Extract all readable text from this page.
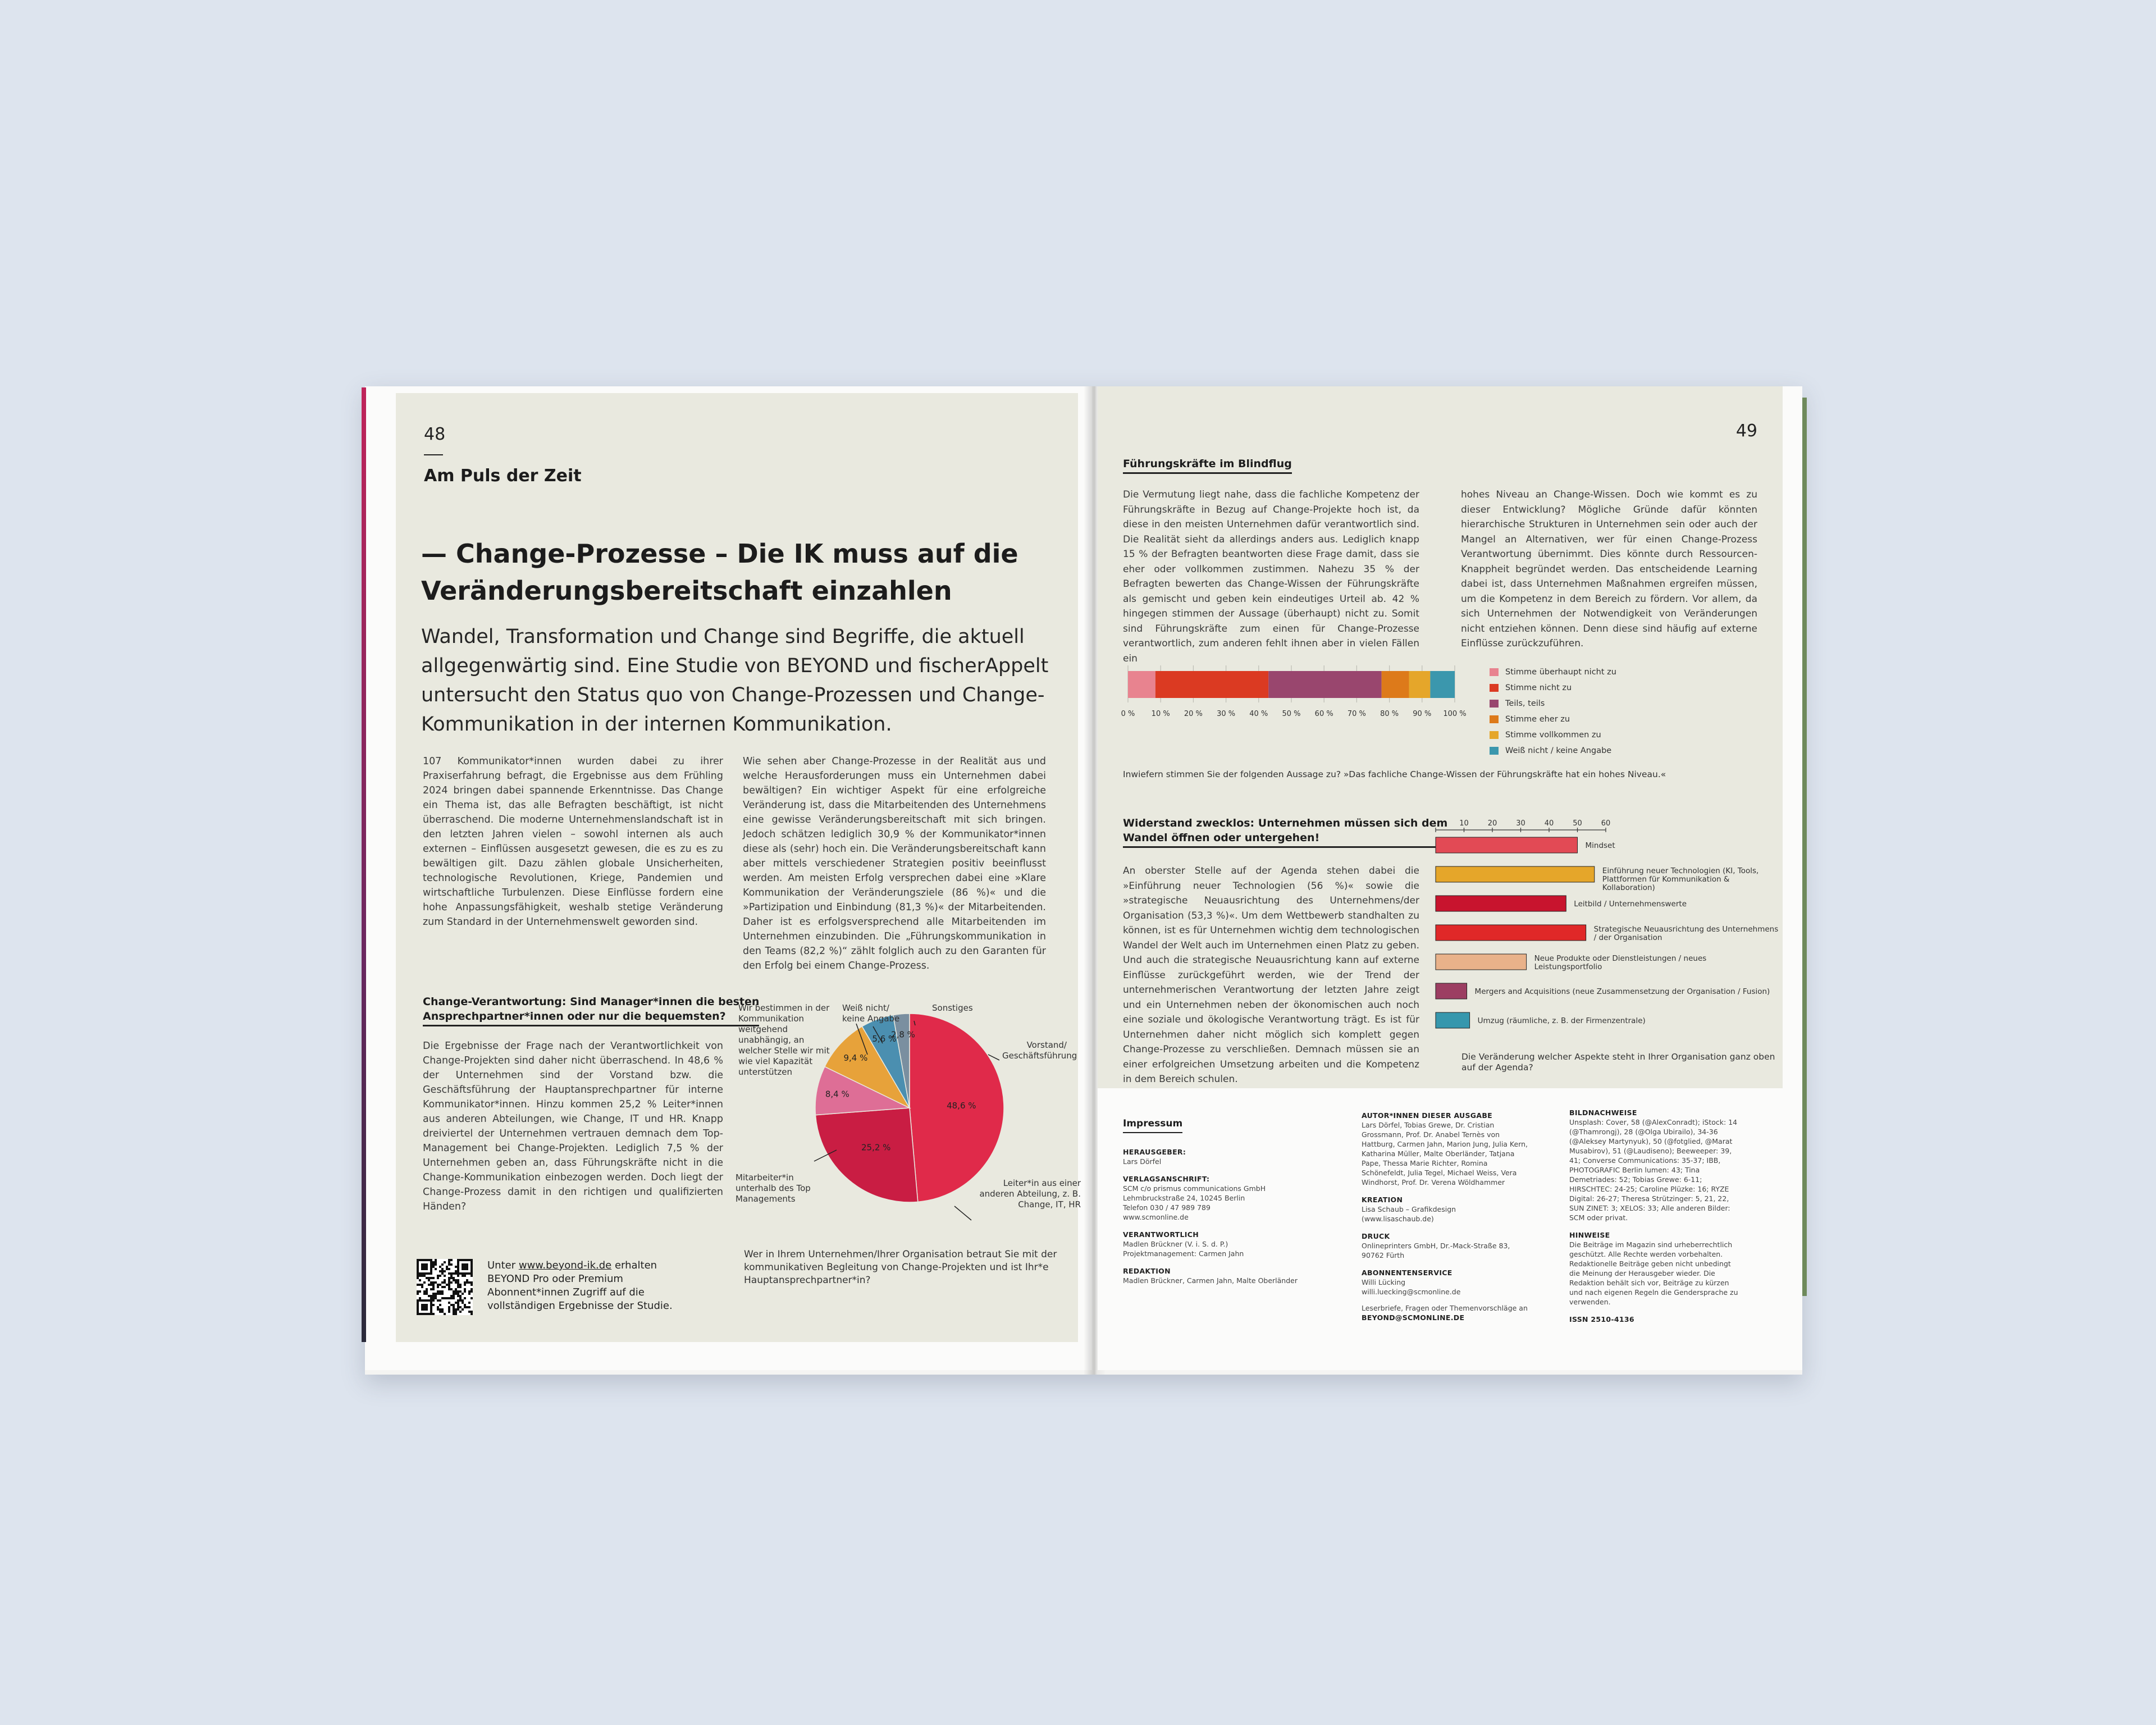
48
Am Puls der Zeit
— Change-Prozesse – Die IK muss auf die
Veränderungsbereitschaft einzahlen
Wandel, Transformation und Change sind Begriffe, die aktuell allgegenwärtig sind. Eine Studie von BEYOND und fischerAppelt untersucht den Status quo von Change-Prozessen und Change-Kommunikation in der internen Kommunikation.
107 Kommunikator*innen wurden dabei zu ihrer Praxiserfahrung befragt, die Ergebnisse aus dem Frühling 2024 bringen dabei spannende Erkenntnisse. Das Change ein Thema ist, das alle Befragten beschäftigt, ist nicht überraschend. Die moderne Unternehmenslandschaft ist in den letzten Jahren vielen – sowohl internen als auch externen – Einflüssen ausgesetzt gewesen, die es zu es zu bewältigen gilt. Dazu zählen globale Unsicherheiten, technologische Revolutionen, Kriege, Pandemien und wirtschaftliche Turbulenzen. Diese Einflüsse fordern eine hohe Anpassungsfähigkeit, weshalb stetige Veränderung zum Standard in der Unternehmenswelt geworden sind.
Wie sehen aber Change-Prozesse in der Realität aus und welche Herausforderungen muss ein Unternehmen dabei bewältigen? Ein wichtiger Aspekt für eine erfolgreiche Veränderung ist, dass die Mitarbeitenden des Unternehmens eine gewisse Veränderungsbereitschaft mit sich bringen. Jedoch schätzen lediglich 30,9 % der Kommunikator*innen diese als (sehr) hoch ein. Die Veränderungsbereitschaft kann aber mittels verschiedener Strategien positiv beeinflusst werden. Am meisten Erfolg versprechen dabei eine »Klare Kommunikation der Veränderungsziele (86 %)« und die »Partizipation und Einbindung (81,3 %)« der Mitarbeitenden. Daher ist es erfolgsversprechend alle Mitarbeitenden im Unternehmen einzubinden. Die „Führungskommunikation in den Teams (82,2 %)“ zählt folglich auch zu den Garanten für den Erfolg bei einem Change-Prozess.
Change-Verantwortung: Sind Manager*innen die besten
Ansprechpartner*innen oder nur die bequemsten?
Die Ergebnisse der Frage nach der Verantwortlichkeit von Change-Projekten sind daher nicht überraschend. In 48,6 % der Unternehmen sind der Vorstand bzw. die Geschäftsführung der Hauptansprechpartner für interne Kommunikator*innen. Hinzu kommen 25,2 % Leiter*innen aus anderen Abteilungen, wie Change, IT und HR. Knapp dreiviertel der Unternehmen vertrauen demnach dem Top-Management bei Change-Projekten. Lediglich 7,5 % der Unternehmen geben an, dass Führungskräfte nicht in die Change-Kommunikation einbezogen werden. Doch liegt der Change-Prozess damit in den richtigen und qualifizierten Händen?
48,6 %
25,2 %
8,4 %
9,4 %
5,6 %
2,8 %
Wir bestimmen in der Kommunikation weitgehend unabhängig, an welcher Stelle wir mit wie viel Kapazität unterstützen
Weiß nicht/ keine Angabe
Sonstiges
Vorstand/ Geschäftsführung
Mitarbeiter*in unterhalb des Top Managements
Leiter*in aus einer anderen Abteilung, z. B. Change, IT, HR
Wer in Ihrem Unternehmen/Ihrer Organisation betraut Sie mit der kommunikativen Begleitung von Change-Projekten und ist Ihr*e Hauptansprechpartner*in?
Unter www.beyond-ik.de erhalten BEYOND Pro oder Premium Abonnent*innen Zugriff auf die vollständigen Ergebnisse der Studie.
49
Führungskräfte im Blindflug
Die Vermutung liegt nahe, dass die fachliche Kompetenz der Führungskräfte in Bezug auf Change-Projekte hoch ist, da diese in den meisten Unternehmen dafür verantwortlich sind. Die Realität sieht da allerdings anders aus. Lediglich knapp 15 % der Befragten beantworten diese Frage damit, dass sie eher oder vollkommen zustimmen. Nahezu 35 % der Befragten bewerten das Change-Wissen der Führungskräfte als gemischt und geben kein eindeutiges Urteil ab. 42 % hingegen stimmen der Aussage (überhaupt) nicht zu. Somit sind Führungskräfte zum einen für Change-Prozesse verantwortlich, zum anderen fehlt ihnen aber in vielen Fällen ein
hohes Niveau an Change-Wissen. Doch wie kommt es zu dieser Entwicklung? Mögliche Gründe dafür könnten hierarchische Strukturen in Unternehmen sein oder auch der Mangel an Alternativen, wer für einen Change-Prozess Verantwortung übernimmt. Dies könnte durch Ressourcen-Knappheit begründet werden. Das entscheidende Learning dabei ist, dass Unternehmen Maßnahmen ergreifen müssen, um die Kompetenz in dem Bereich zu fördern. Vor allem, da sich Unternehmen der Notwendigkeit von Veränderungen nicht entziehen können. Denn diese sind häufig auf externe Einflüsse zurückzuführen.
0 % 10 % 20 % 30 % 40 % 50 % 60 % 70 % 80 % 90 % 100 %
Stimme überhaupt nicht zu
Stimme nicht zu
Teils, teils
Stimme eher zu
Stimme vollkommen zu
Weiß nicht / keine Angabe
Inwiefern stimmen Sie der folgenden Aussage zu? »Das fachliche Change-Wissen der Führungskräfte hat ein hohes Niveau.«
Widerstand zwecklos: Unternehmen müssen sich dem
Wandel öffnen oder untergehen!
An oberster Stelle auf der Agenda stehen dabei die »Einführung neuer Technologien (56 %)« sowie die »strategische Neuausrichtung des Unternehmens/der Organisation (53,3 %)«. Um dem Wettbewerb standhalten zu können, ist es für Unternehmen wichtig dem technologischen Wandel der Welt auch im Unternehmen einen Platz zu geben. Und auch die strategische Neuausrichtung kann auf externe Einflüsse zurückgeführt werden, wie der Trend der unternehmerischen Verantwortung der letzten Jahre zeigt und ein Unternehmen neben der ökonomischen auch noch eine soziale und ökologische Verantwortung trägt. Es ist für Unternehmen daher nicht möglich sich komplett gegen Change-Prozesse zu verschließen. Demnach müssen sie an einer erfolgreichen Umsetzung arbeiten und die Kompetenz in dem Bereich schulen.
10	20	30	40	50	60
Mindset
Einführung neuer Technologien (KI, Tools,
Plattformen für Kommunikation &
Kollaboration)
Leitbild / Unternehmenswerte
Strategische Neuausrichtung des Unternehmens
/ der Organisation
Neue Produkte oder Dienstleistungen / neues
Leistungsportfolio
Mergers and Acquisitions (neue Zusammensetzung der Organisation / Fusion)
Umzug (räumliche, z. B. der Firmenzentrale)
Die Veränderung welcher Aspekte steht in Ihrer Organisation ganz oben auf der Agenda?
Impressum
HERAUSGEBER:
Lars Dörfel
VERLAGSANSCHRIFT:
SCM c/o prismus communications GmbH
Lehmbruckstraße 24, 10245 Berlin
Telefon 030 / 47 989 789
www.scmonline.de
VERANTWORTLICH
Madlen Brückner (V. i. S. d. P.)
Projektmanagement: Carmen Jahn
REDAKTION
Madlen Brückner, Carmen Jahn, Malte Oberländer
AUTOR*INNEN DIESER AUSGABE
Lars Dörfel, Tobias Grewe, Dr. Cristian Grossmann, Prof. Dr. Anabel Ternès von Hattburg, Carmen Jahn, Marion Jung, Julia Kern, Katharina Müller, Malte Oberländer, Tatjana Pape, Thessa Marie Richter, Romina Schönefeldt, Julia Tegel, Michael Weiss, Vera Windhorst, Prof. Dr. Verena Wöldhammer
KREATION
Lisa Schaub – Grafikdesign (www.lisaschaub.de)
DRUCK
Onlineprinters GmbH, Dr.-Mack-Straße 83, 90762 Fürth
ABONNENTENSERVICE
Willi Lücking
willi.luecking@scmonline.de
Leserbriefe, Fragen oder Themenvorschläge an
BEYOND@SCMONLINE.DE
BILDNACHWEISE
Unsplash: Cover, 58 (@AlexConradt); iStock: 14 (@Thamrongj), 28 (@Olga Ubirailo), 34-36 (@Aleksey Martynyuk), 50 (@fotglied, @Marat Musabirov), 51 (@Laudiseno); Beeweeper: 39, 41; Converse Communications: 35-37; IBB, PHOTOGRAFIC Berlin lumen: 43; Tina Demetriades: 52; Tobias Grewe: 6-11; HIRSCHTEC: 24-25; Caroline Plüzke: 16; RYZE Digital: 26-27; Theresa Strützinger: 5, 21, 22, SUN ZINET: 3; XELOS: 33; Alle anderen Bilder: SCM oder privat.
HINWEISE
Die Beiträge im Magazin sind urheberrechtlich geschützt. Alle Rechte werden vorbehalten. Redaktionelle Beiträge geben nicht unbedingt die Meinung der Herausgeber wieder. Die Redaktion behält sich vor, Beiträge zu kürzen und nach eigenen Regeln die Gendersprache zu verwenden.
ISSN 2510-4136
